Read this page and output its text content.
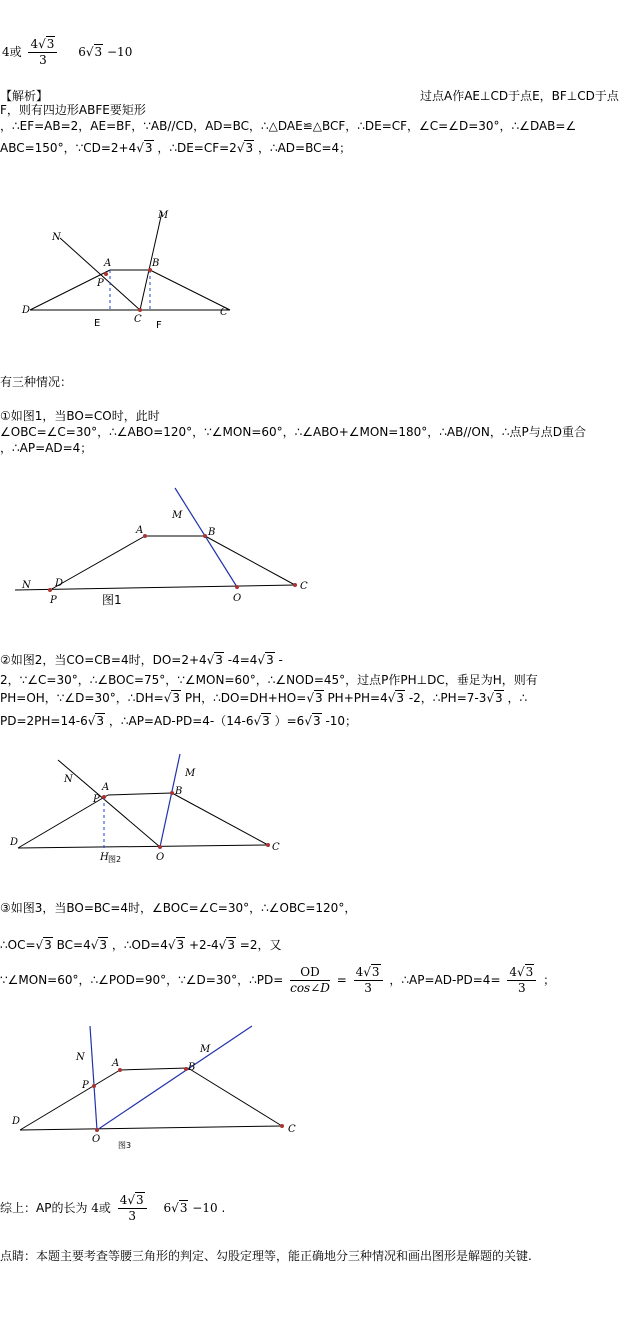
4或 $\frac{4√3}{3} 6√3 -10$
【解析】	过点A作AE⊥CD于点E，BF⊥CD于点
F，则有四边形ABFE要矩形
，∴EF=AB=2，AE=BF，∵AB//CD，AD=BC，∴△DAE≌△BCF，∴DE=CF，∠C=∠D=30°，∴∠DAB=∠
ABC=150°，∵CD=2+4√3 ，∴DE=CF=2√3 ，∴AD=BC=4；
N
M
A	B
P
D
C
C
E	F
有三种情况：
①如图1，当BO=CO时，此时
∠OBC=∠C=30°，∴∠ABO=120°，∵∠MON=60°，∴∠ABO+∠MON=180°，∴AB//ON，∴点P与点D重合
，∴AP=AD=4；
N
M
A	B
D
P	O
C
图1
②如图2，当CO=CB=4时，DO=2+4√3 -4=4√3 -
2，∵∠C=30°，∴∠BOC=75°，∵∠MON=60°，∴∠NOD=45°，过点P作PH⊥DC，垂足为H，则有
PH=OH，∵∠D=30°，∴DH=√3 PH，∴DO=DH+HO=√3 PH+PH=4√3 -2，∴PH=7-3√3 ，∴
PD=2PH=14-6√3 ，∴AP=AD-PD=4-（14-6√3 ）=6√3 -10；
N
M
A	B
P
D
H	O
C
图2
③如图3，当BO=BC=4时，∠BOC=∠C=30°，∴∠OBC=120°，
∴OC=√3 BC=4√3 ，∴OD=4√3 +2-4√3 =2，又
∵∠MON=60°，∴∠POD=90°，∵∠D=30°，∴PD= $\frac{OD}{\cos\angle D} = \frac{4√3}{3}$ ，∴AP=AD-PD=4= $\frac{4√3}{3}$ ；
N
M
A	B
P
D
O
C
图3
综上：AP的长为 4或 $\frac{4√3}{3} 6√3 -10$ .
点睛：本题主要考查等腰三角形的判定、勾股定理等，能正确地分三种情况和画出图形是解题的关键.
